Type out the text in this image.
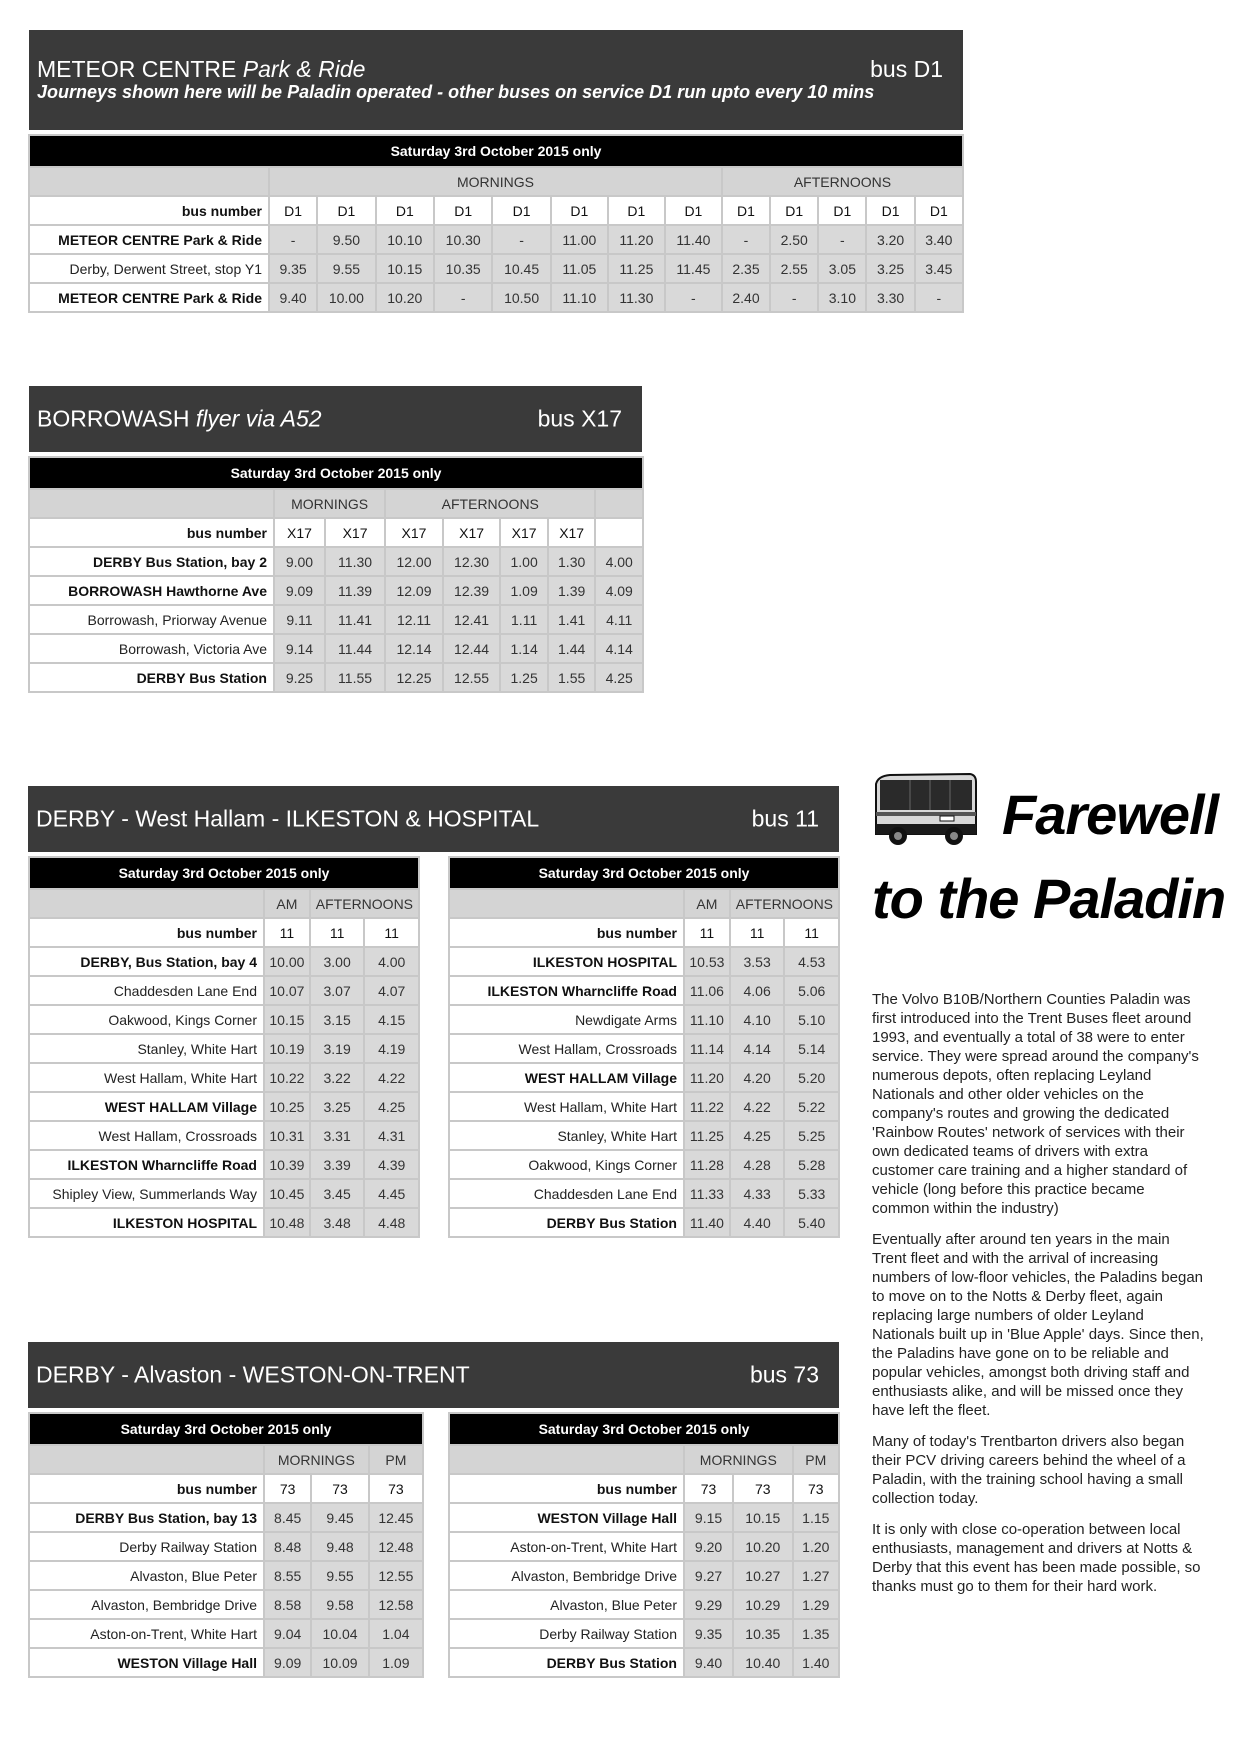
METEOR CENTRE Park & Ride
Journeys shown here will be Paladin operated - other buses on service D1 run upto every 10 mins
bus D1
Saturday 3rd October 2015 only													
	MORNINGS								AFTERNOONS				
bus number	D1	D1	D1	D1	D1	D1	D1	D1	D1	D1	D1	D1	D1
METEOR CENTRE Park & Ride	-	9.50	10.10	10.30	-	11.00	11.20	11.40	-	2.50	-	3.20	3.40
Derby, Derwent Street, stop Y1	9.35	9.55	10.15	10.35	10.45	11.05	11.25	11.45	2.35	2.55	3.05	3.25	3.45
METEOR CENTRE Park & Ride	9.40	10.00	10.20	-	10.50	11.10	11.30	-	2.40	-	3.10	3.30	-
BORROWASH flyer via A52	bus X17
Saturday 3rd October 2015 only							
	MORNINGS		AFTERNOONS				
bus number	X17	X17	X17	X17	X17	X17	
DERBY Bus Station, bay 2	9.00	11.30	12.00	12.30	1.00	1.30	4.00
BORROWASH Hawthorne Ave	9.09	11.39	12.09	12.39	1.09	1.39	4.09
Borrowash, Priorway Avenue	9.11	11.41	12.11	12.41	1.11	1.41	4.11
Borrowash, Victoria Ave	9.14	11.44	12.14	12.44	1.14	1.44	4.14
DERBY Bus Station	9.25	11.55	12.25	12.55	1.25	1.55	4.25
DERBY - West Hallam - ILKESTON & HOSPITAL	bus 11
Saturday 3rd October 2015 only			
	AM	AFTERNOONS	
bus number	11	11	11
DERBY, Bus Station, bay 4	10.00	3.00	4.00
Chaddesden Lane End	10.07	3.07	4.07
Oakwood, Kings Corner	10.15	3.15	4.15
Stanley, White Hart	10.19	3.19	4.19
West Hallam, White Hart	10.22	3.22	4.22
WEST HALLAM Village	10.25	3.25	4.25
West Hallam, Crossroads	10.31	3.31	4.31
ILKESTON Wharncliffe Road	10.39	3.39	4.39
Shipley View, Summerlands Way	10.45	3.45	4.45
ILKESTON HOSPITAL	10.48	3.48	4.48
Saturday 3rd October 2015 only			
	AM	AFTERNOONS	
bus number	11	11	11
ILKESTON HOSPITAL	10.53	3.53	4.53
ILKESTON Wharncliffe Road	11.06	4.06	5.06
Newdigate Arms	11.10	4.10	5.10
West Hallam, Crossroads	11.14	4.14	5.14
WEST HALLAM Village	11.20	4.20	5.20
West Hallam, White Hart	11.22	4.22	5.22
Stanley, White Hart	11.25	4.25	5.25
Oakwood, Kings Corner	11.28	4.28	5.28
Chaddesden Lane End	11.33	4.33	5.33
DERBY Bus Station	11.40	4.40	5.40
DERBY - Alvaston - WESTON-ON-TRENT	bus 73
Saturday 3rd October 2015 only			
	MORNINGS		PM
bus number	73	73	73
DERBY Bus Station, bay 13	8.45	9.45	12.45
Derby Railway Station	8.48	9.48	12.48
Alvaston, Blue Peter	8.55	9.55	12.55
Alvaston, Bembridge Drive	8.58	9.58	12.58
Aston-on-Trent, White Hart	9.04	10.04	1.04
WESTON Village Hall	9.09	10.09	1.09
Saturday 3rd October 2015 only			
	MORNINGS		PM
bus number	73	73	73
WESTON Village Hall	9.15	10.15	1.15
Aston-on-Trent, White Hart	9.20	10.20	1.20
Alvaston, Bembridge Drive	9.27	10.27	1.27
Alvaston, Blue Peter	9.29	10.29	1.29
Derby Railway Station	9.35	10.35	1.35
DERBY Bus Station	9.40	10.40	1.40
Farewell
to the Paladin

The Volvo B10B/Northern Counties Paladin was first introduced into the Trent Buses fleet around 1993, and eventually a total of 38 were to enter service. They were spread around the company's numerous depots, often replacing Leyland Nationals and other older vehicles on the company's routes and growing the dedicated 'Rainbow Routes' network of services with their own dedicated teams of drivers with extra customer care training and a higher standard of vehicle (long before this practice became common within the industry)

Eventually after around ten years in the main Trent fleet and with the arrival of increasing numbers of low-floor vehicles, the Paladins began to move on to the Notts & Derby fleet, again replacing large numbers of older Leyland Nationals built up in 'Blue Apple' days. Since then, the Paladins have gone on to be reliable and popular vehicles, amongst both driving staff and enthusiasts alike, and will be missed once they have left the fleet.

Many of today's Trentbarton drivers also began their PCV driving careers behind the wheel of a Paladin, with the training school having a small collection today.

It is only with close co-operation between local enthusiasts, management and drivers at Notts & Derby that this event has been made possible, so thanks must go to them for their hard work.
